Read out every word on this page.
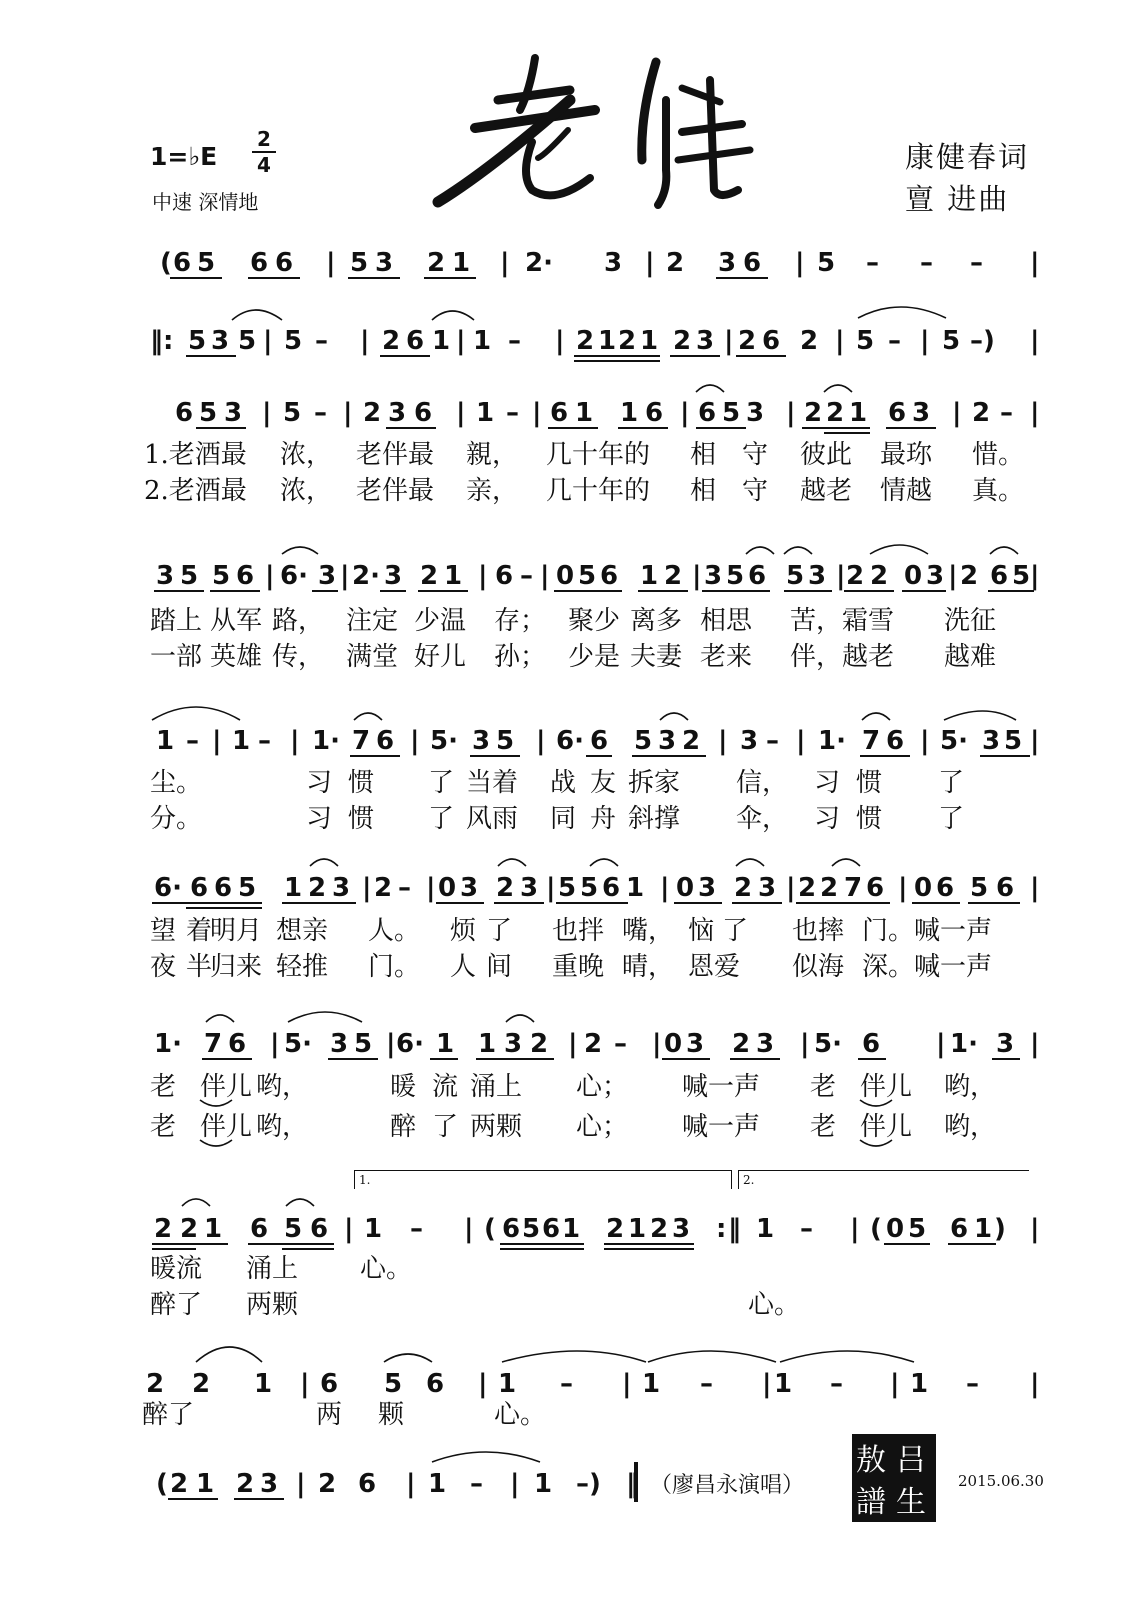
1=♭E
2
4
中速 深情地
康健春词
亶 进曲
( 6 5 6 6 | 5 3 2 1 | 2· 3 | 2 3 6 | 5 – – – |
‖: 5 3 5 | 5 – | 2 6 1 | 1 – | 2 1 2 1 2 3 | 2 6 2 | 5 – | 5 –) |
6 5 3 | 5 – | 2 3 6 | 1 – | 6 1 1 6 | 6 5 3 | 2 2 1 6 3 | 2 – |
3 5 5 6 | 6· 3 | 2· 3 2 1 | 6 – | 0 5 6 1 2 | 3 5 6 5 3 | 2 2 0 3 | 2 6 5 |
1 – | 1 – | 1· 7 6 | 5· 3 5 | 6· 6 5 3 2 | 3 – | 1· 7 6 | 5· 3 5 |
6· 6 6 5 1 2 3 | 2 – | 0 3 2 3 | 5 5 6 1 | 0 3 2 3 | 2 2 7 6 | 0 6 5 6 |
1· 7 6 | 5· 3 5 | 6· 1 1 3 2 | 2 – | 0 3 2 3 | 5· 6 | 1· 3 |
2 2 1 6 5 6 | 1 – | ( 6 5 6 1 2 1 2 3 : ‖ 1 – | ( 0 5 6 1 ) |
2 2 1 | 6 5 6 | 1 – | 1 – | 1 – | 1 – |
( 2 1 2 3 | 2 6 | 1 – | 1 –) ‖
1.老酒最 浓， 老伴最 親， 几十年的 相 守 彼此 最珎 惜。
2.老酒最 浓， 老伴最 亲， 几十年的 相 守 越老 情越 真。
踏上 从军 路， 注定 少温 存； 聚少 离多 相思 苦，霜雪 洗征
一部 英雄 传， 满堂 好儿 孙； 少是 夫妻 老来 伴，越老 越难
尘。	习 惯 了 当着 战 友 拆家 信， 习 惯 了
分。	习 惯 了 风雨 同 舟 斜撑 伞， 习 惯 了
望 着
明月 想亲 人。 烦 了 也拌 嘴， 恼 了 也摔 门。喊一声
夜 半
归来 轻推 门。 人 间 重晚 晴， 恩爱 似海 深。喊一声
老 伴儿 哟，	暖 流 涌上 心； 喊一声 老 伴儿 哟，
老 伴儿 哟，	醉 了 两颗 心； 喊一声 老 伴儿 哟，
暖流 涌上 心。
醉了 两颗	心。
醉了	两 颗	心。
1.	2.
（廖昌永演唱）
敖 吕
譜 生
2015.06.30
